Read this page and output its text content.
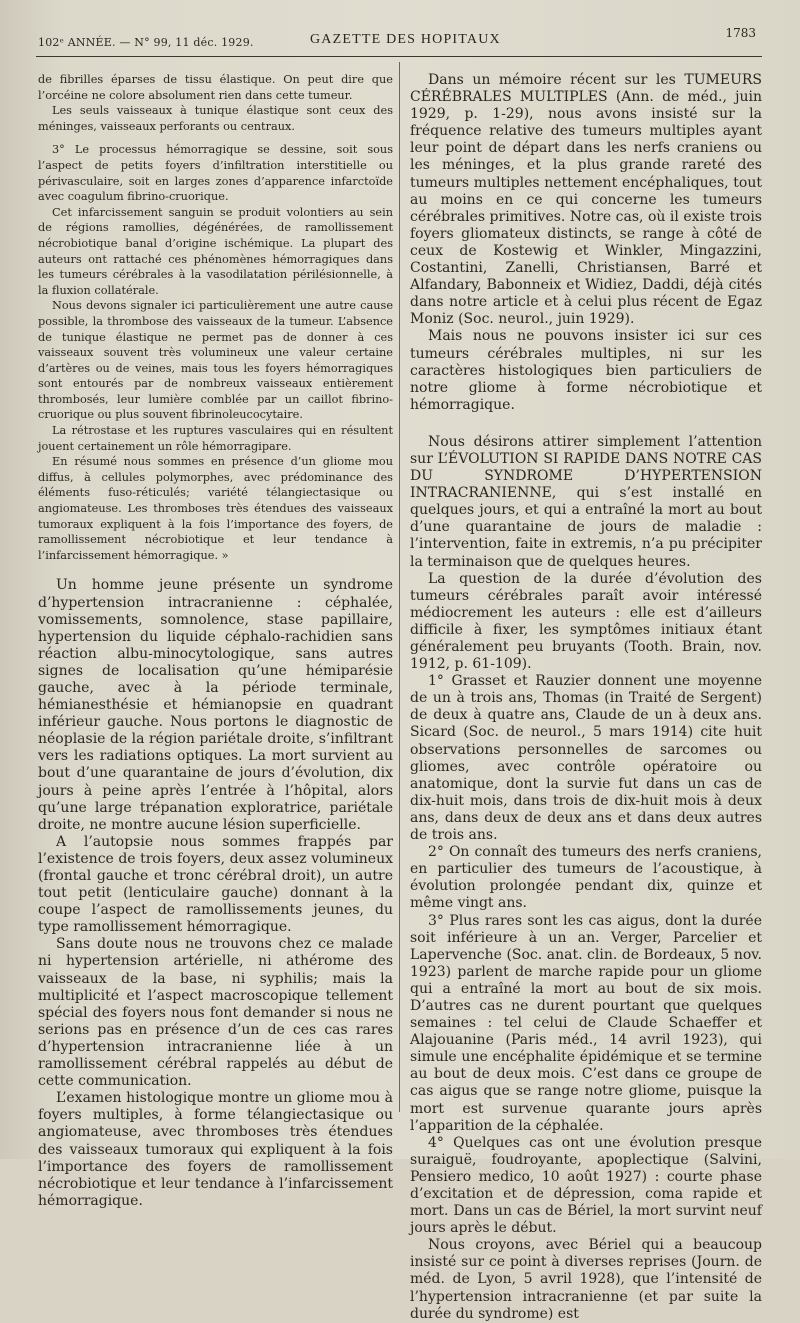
102ᵉ ANNÉE. — N° 99, 11 déc. 1929.	GAZETTE DES HOPITAUX	1783

de fibrilles éparses de tissu élastique. On peut dire que l’orcéine ne colore absolument rien dans cette tumeur.

Les seuls vaisseaux à tunique élastique sont ceux des méninges, vaisseaux perforants ou centraux.

3° Le processus hémorragique se dessine, soit sous l’aspect de petits foyers d’infiltration interstitielle ou périvasculaire, soit en larges zones d’apparence infarctoïde avec coagulum fibrino-cruorique.

Cet infarcissement sanguin se produit volontiers au sein de régions ramollies, dégénérées, de ramollissement nécrobiotique banal d’origine ischémique. La plupart des auteurs ont rattaché ces phénomènes hémorragiques dans les tumeurs cérébrales à la vasodilatation périlésionnelle, à la fluxion collatérale.

Nous devons signaler ici particulièrement une autre cause possible, la thrombose des vaisseaux de la tumeur. L’absence de tunique élastique ne permet pas de donner à ces vaisseaux souvent très volumineux une valeur certaine d’artères ou de veines, mais tous les foyers hémorragiques sont entourés par de nombreux vaisseaux entièrement thrombosés, leur lumière comblée par un caillot fibrino-cruorique ou plus souvent fibrinoleucocytaire.

La rétrostase et les ruptures vasculaires qui en résultent jouent certainement un rôle hémorragipare.

En résumé nous sommes en présence d’un gliome mou diffus, à cellules polymorphes, avec prédominance des éléments fuso-réticulés; variété télangiectasique ou angiomateuse. Les thromboses très étendues des vaisseaux tumoraux expliquent à la fois l’importance des foyers, de ramollissement nécrobiotique et leur tendance à l’infarcissement hémorragique. »

Un homme jeune présente un syndrome d’hypertension intracranienne : céphalée, vomissements, somnolence, stase papillaire, hypertension du liquide céphalo-rachidien sans réaction albu-minocytologique, sans autres signes de localisation qu’une hémiparésie gauche, avec à la période terminale, hémianesthésie et hémianopsie en quadrant inférieur gauche. Nous portons le diagnostic de néoplasie de la région pariétale droite, s’infiltrant vers les radiations optiques. La mort survient au bout d’une quarantaine de jours d’évolution, dix jours à peine après l’entrée à l’hôpital, alors qu’une large trépanation exploratrice, pariétale droite, ne montre aucune lésion superficielle.

A l’autopsie nous sommes frappés par l’existence de trois foyers, deux assez volumineux (frontal gauche et tronc cérébral droit), un autre tout petit (lenticulaire gauche) donnant à la coupe l’aspect de ramollissements jeunes, du type ramollissement hémorragique.

Sans doute nous ne trouvons chez ce malade ni hypertension artérielle, ni athérome des vaisseaux de la base, ni syphilis; mais la multiplicité et l’aspect macroscopique tellement spécial des foyers nous font demander si nous ne serions pas en présence d’un de ces cas rares d’hypertension intracranienne liée à un ramollissement cérébral rappelés au début de cette communication.

L’examen histologique montre un gliome mou à foyers multiples, à forme télangiectasique ou angiomateuse, avec thromboses très étendues des vaisseaux tumoraux qui expliquent à la fois l’importance des foyers de ramollissement nécrobiotique et leur tendance à l’infarcissement hémorragique.

Dans un mémoire récent sur les TUMEURS CÉRÉBRALES MULTIPLES (Ann. de méd., juin 1929, p. 1-29), nous avons insisté sur la fréquence relative des tumeurs multiples ayant leur point de départ dans les nerfs craniens ou les méninges, et la plus grande rareté des tumeurs multiples nettement encéphaliques, tout au moins en ce qui concerne les tumeurs cérébrales primitives. Notre cas, où il existe trois foyers gliomateux distincts, se range à côté de ceux de Kostewig et Winkler, Mingazzini, Costantini, Zanelli, Christiansen, Barré et Alfandary, Babonneix et Widiez, Daddi, déjà cités dans notre article et à celui plus récent de Egaz Moniz (Soc. neurol., juin 1929).

Mais nous ne pouvons insister ici sur ces tumeurs cérébrales multiples, ni sur les caractères histologiques bien particuliers de notre gliome à forme nécrobiotique et hémorragique.

Nous désirons attirer simplement l’attention sur L’ÉVOLUTION SI RAPIDE DANS NOTRE CAS DU SYNDROME D’HYPERTENSION INTRACRANIENNE, qui s’est installé en quelques jours, et qui a entraîné la mort au bout d’une quarantaine de jours de maladie : l’intervention, faite in extremis, n’a pu précipiter la terminaison que de quelques heures.

La question de la durée d’évolution des tumeurs cérébrales paraît avoir intéressé médiocrement les auteurs : elle est d’ailleurs difficile à fixer, les symptômes initiaux étant généralement peu bruyants (Tooth. Brain, nov. 1912, p. 61-109).

1° Grasset et Rauzier donnent une moyenne de un à trois ans, Thomas (in Traité de Sergent) de deux à quatre ans, Claude de un à deux ans. Sicard (Soc. de neurol., 5 mars 1914) cite huit observations personnelles de sarcomes ou gliomes, avec contrôle opératoire ou anatomique, dont la survie fut dans un cas de dix-huit mois, dans trois de dix-huit mois à deux ans, dans deux de deux ans et dans deux autres de trois ans.

2° On connaît des tumeurs des nerfs craniens, en particulier des tumeurs de l’acoustique, à évolution prolongée pendant dix, quinze et même vingt ans.

3° Plus rares sont les cas aigus, dont la durée soit inférieure à un an. Verger, Parcelier et Lapervenche (Soc. anat. clin. de Bordeaux, 5 nov. 1923) parlent de marche rapide pour un gliome qui a entraîné la mort au bout de six mois. D’autres cas ne durent pourtant que quelques semaines : tel celui de Claude Schaeffer et Alajouanine (Paris méd., 14 avril 1923), qui simule une encéphalite épidémique et se termine au bout de deux mois. C’est dans ce groupe de cas aigus que se range notre gliome, puisque la mort est survenue quarante jours après l’apparition de la céphalée.

4° Quelques cas ont une évolution presque suraiguë, foudroyante, apoplectique (Salvini, Pensiero medico, 10 août 1927) : courte phase d’excitation et de dépression, coma rapide et mort. Dans un cas de Bériel, la mort survint neuf jours après le début.

Nous croyons, avec Bériel qui a beaucoup insisté sur ce point à diverses reprises (Journ. de méd. de Lyon, 5 avril 1928), que l’intensité de l’hypertension intracranienne (et par suite la durée du syndrome) est
